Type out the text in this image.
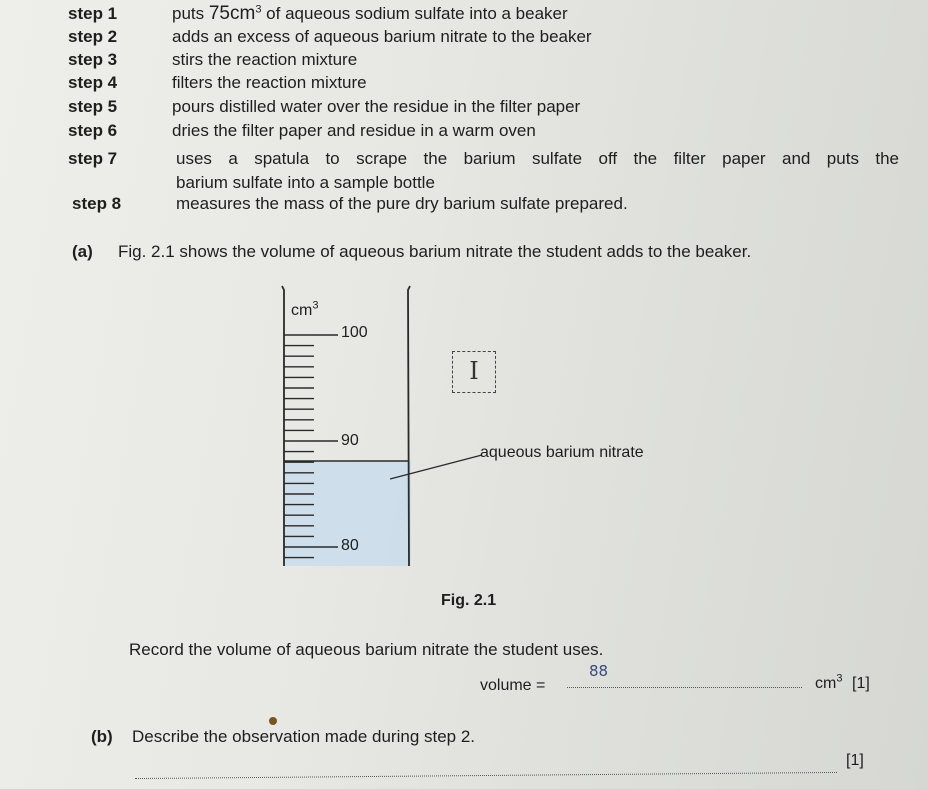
step 1	puts $75cm^3$ of aqueous sodium sulfate into a beaker
step 2	adds an excess of aqueous barium nitrate to the beaker
step 3	stirs the reaction mixture
step 4	filters the reaction mixture
step 5	pours distilled water over the residue in the filter paper
step 6	dries the filter paper and residue in a warm oven
step 7	uses a spatula to scrape the barium sulfate off the filter paper and puts the
barium sulfate into a sample bottle
step 8	measures the mass of the pure dry barium sulfate prepared.
(a) Fig. 2.1 shows the volume of aqueous barium nitrate the student adds to the beaker.
$cm^3$
100
90
80
aqueous barium nitrate
I
Fig. 2.1
Record the volume of aqueous barium nitrate the student uses.
volume =
88
$cm^3$ [1]
(b) Describe the observation made during step 2.
[1]
